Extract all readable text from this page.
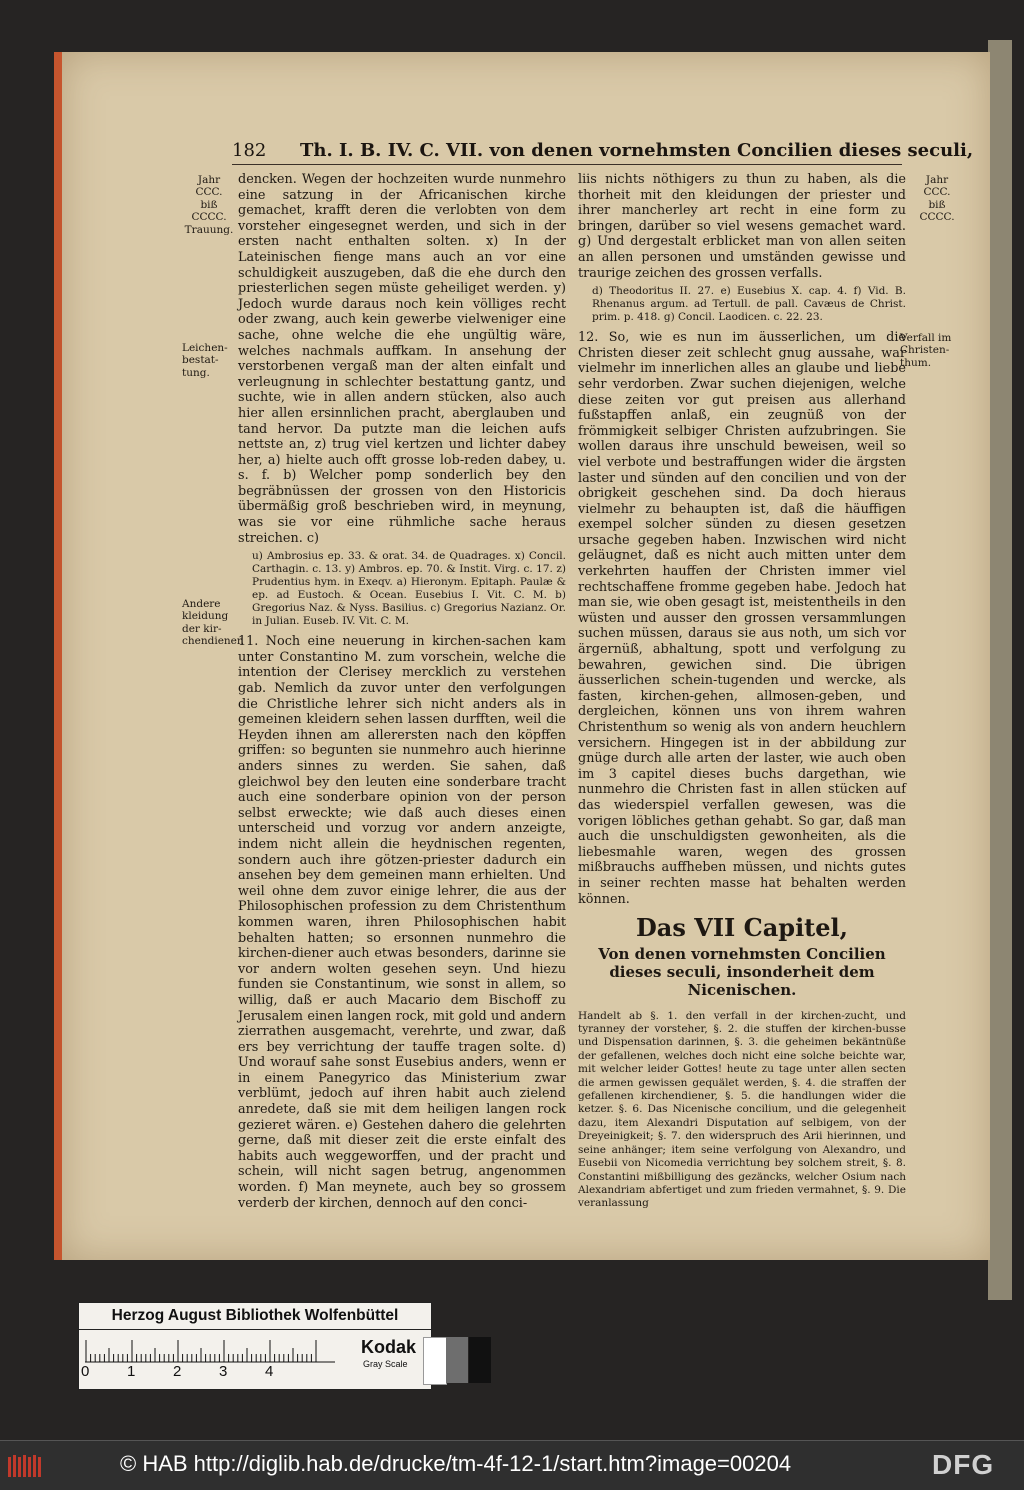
182 Th. I. B. IV. C. VII. von denen vornehmsten Concilien dieses seculi,
Jahr
CCC.
biß
CCCC.
Trauung.
Leichen-
bestat-
tung.
Andere
kleidung
der kir-
chendiener.
Jahr
CCC.
biß
CCCC.
Verfall im
Christen-
thum.

dencken. Wegen der hochzeiten wurde nunmehro eine satzung in der Africanischen kirche gemachet, krafft deren die verlobten von dem vorsteher eingesegnet werden, und sich in der ersten nacht enthalten solten. x) In der Lateinischen fienge mans auch an vor eine schuldigkeit auszugeben, daß die ehe durch den priesterlichen segen müste geheiliget werden. y) Jedoch wurde daraus noch kein völliges recht oder zwang, auch kein gewerbe vielweniger eine sache, ohne welche die ehe ungültig wäre, welches nachmals auffkam. In ansehung der verstorbenen vergaß man der alten einfalt und verleugnung in schlechter bestattung gantz, und suchte, wie in allen andern stücken, also auch hier allen ersinnlichen pracht, aberglauben und tand hervor. Da putzte man die leichen aufs nettste an, z) trug viel kertzen und lichter dabey her, a) hielte auch offt grosse lob-reden dabey, u. s. f. b) Welcher pomp sonderlich bey den begräbnüssen der grossen von den Historicis übermäßig groß beschrieben wird, in meynung, was sie vor eine rühmliche sache heraus streichen. c)

u) Ambrosius ep. 33. & orat. 34. de Quadrages. x) Concil. Carthagin. c. 13. y) Ambros. ep. 70. & Instit. Virg. c. 17. z) Prudentius hym. in Exeqv. a) Hieronym. Epitaph. Paulæ & ep. ad Eustoch. & Ocean. Eusebius I. Vit. C. M. b) Gregorius Naz. & Nyss. Basilius. c) Gregorius Nazianz. Or. in Julian. Euseb. IV. Vit. C. M.

11. Noch eine neuerung in kirchen-sachen kam unter Constantino M. zum vorschein, welche die intention der Clerisey mercklich zu verstehen gab. Nemlich da zuvor unter den verfolgungen die Christliche lehrer sich nicht anders als in gemeinen kleidern sehen lassen durfften, weil die Heyden ihnen am allerersten nach den köpffen griffen: so begunten sie nunmehro auch hierinne anders sinnes zu werden. Sie sahen, daß gleichwol bey den leuten eine sonderbare tracht auch eine sonderbare opinion von der person selbst erweckte; wie daß auch dieses einen unterscheid und vorzug vor andern anzeigte, indem nicht allein die heydnischen regenten, sondern auch ihre götzen-priester dadurch ein ansehen bey dem gemeinen mann erhielten. Und weil ohne dem zuvor einige lehrer, die aus der Philosophischen profession zu dem Christenthum kommen waren, ihren Philosophischen habit behalten hatten; so ersonnen nunmehro die kirchen-diener auch etwas besonders, darinne sie vor andern wolten gesehen seyn. Und hiezu funden sie Constantinum, wie sonst in allem, so willig, daß er auch Macario dem Bischoff zu Jerusalem einen langen rock, mit gold und andern zierrathen ausgemacht, verehrte, und zwar, daß ers bey verrichtung der tauffe tragen solte. d) Und worauf sahe sonst Eusebius anders, wenn er in einem Panegyrico das Ministerium zwar verblümt, jedoch auf ihren habit auch zielend anredete, daß sie mit dem heiligen langen rock gezieret wären. e) Gestehen dahero die gelehrten gerne, daß mit dieser zeit die erste einfalt des habits auch weggeworffen, und der pracht und schein, will nicht sagen betrug, angenommen worden. f) Man meynete, auch bey so grossem verderb der kirchen, dennoch auf den conci-

liis nichts nöthigers zu thun zu haben, als die thorheit mit den kleidungen der priester und ihrer mancherley art recht in eine form zu bringen, darüber so viel wesens gemachet ward. g) Und dergestalt erblicket man von allen seiten an allen personen und umständen gewisse und traurige zeichen des grossen verfalls.

d) Theodoritus II. 27. e) Eusebius X. cap. 4. f) Vid. B. Rhenanus argum. ad Tertull. de pall. Cavæus de Christ. prim. p. 418. g) Concil. Laodicen. c. 22. 23.

12. So, wie es nun im äusserlichen, um die Christen dieser zeit schlecht gnug aussahe, war vielmehr im innerlichen alles an glaube und liebe sehr verdorben. Zwar suchen diejenigen, welche diese zeiten vor gut preisen aus allerhand fußstapffen anlaß, ein zeugnüß von der frömmigkeit selbiger Christen aufzubringen. Sie wollen daraus ihre unschuld beweisen, weil so viel verbote und bestraffungen wider die ärgsten laster und sünden auf den concilien und von der obrigkeit geschehen sind. Da doch hieraus vielmehr zu behaupten ist, daß die häuffigen exempel solcher sünden zu diesen gesetzen ursache gegeben haben. Inzwischen wird nicht geläugnet, daß es nicht auch mitten unter dem verkehrten hauffen der Christen immer viel rechtschaffene fromme gegeben habe. Jedoch hat man sie, wie oben gesagt ist, meistentheils in den wüsten und ausser den grossen versammlungen suchen müssen, daraus sie aus noth, um sich vor ärgernüß, abhaltung, spott und verfolgung zu bewahren, gewichen sind. Die übrigen äusserlichen schein-tugenden und wercke, als fasten, kirchen-gehen, allmosen-geben, und dergleichen, können uns von ihrem wahren Christenthum so wenig als von andern heuchlern versichern. Hingegen ist in der abbildung zur gnüge durch alle arten der laster, wie auch oben im 3 capitel dieses buchs dargethan, wie nunmehro die Christen fast in allen stücken auf das wiederspiel verfallen gewesen, was die vorigen löbliches gethan gehabt. So gar, daß man auch die unschuldigsten gewonheiten, als die liebesmahle waren, wegen des grossen mißbrauchs auffheben müssen, und nichts gutes in seiner rechten masse hat behalten werden können.

Das VII Capitel,
Von denen vornehmsten Concilien dieses seculi, insonderheit dem Nicenischen.

Handelt ab §. 1. den verfall in der kirchen-zucht, und tyranney der vorsteher, §. 2. die stuffen der kirchen-busse und Dispensation darinnen, §. 3. die geheimen bekäntnüße der gefallenen, welches doch nicht eine solche beichte war, mit welcher leider Gottes! heute zu tage unter allen secten die armen gewissen gequälet werden, §. 4. die straffen der gefallenen kirchendiener, §. 5. die handlungen wider die ketzer. §. 6. Das Nicenische concilium, und die gelegenheit dazu, item Alexandri Disputation auf selbigem, von der Dreyeinigkeit; §. 7. den widerspruch des Arii hierinnen, und seine anhänger; item seine verfolgung von Alexandro, und Eusebii von Nicomedia verrichtung bey solchem streit, §. 8. Constantini mißbilligung des gezäncks, welcher Osium nach Alexandriam abfertiget und zum frieden vermahnet, §. 9. Die veranlassung

Herzog August Bibliothek Wolfenbüttel
0	1	2	3	4
Kodak
Gray Scale
© HAB http://diglib.hab.de/drucke/tm-4f-12-1/start.htm?image=00204	DFG
